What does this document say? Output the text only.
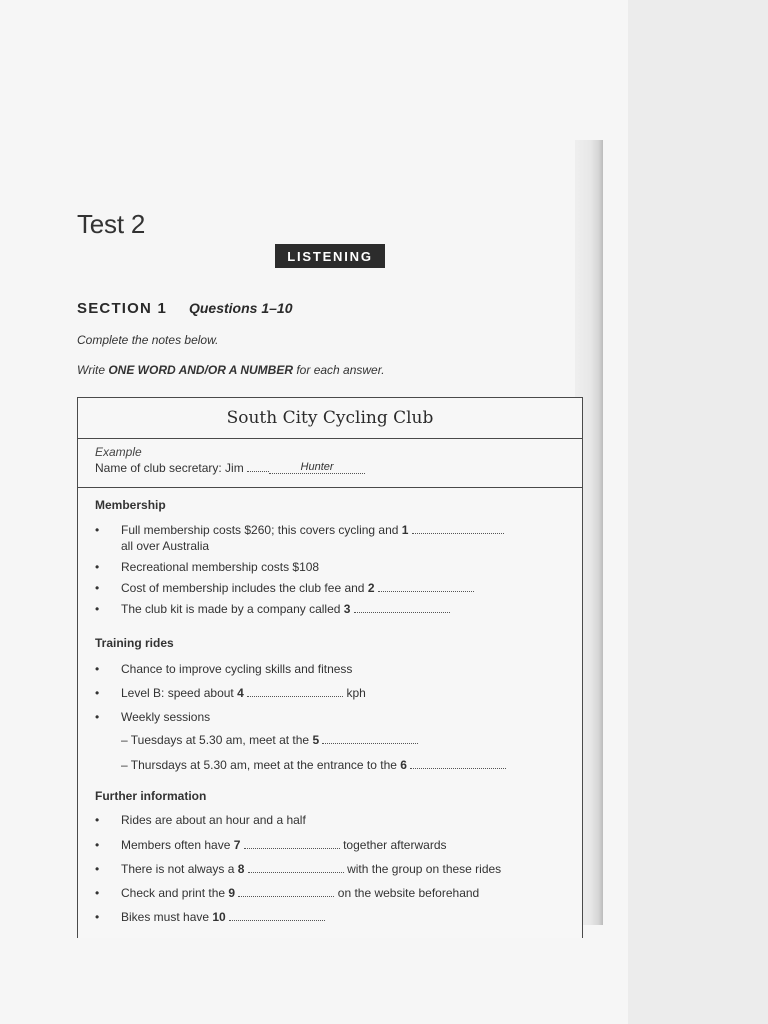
Test 2
LISTENING
SECTION 1 Questions 1–10
Complete the notes below.
Write ONE WORD AND/OR A NUMBER for each answer.
South City Cycling Club
Example
Name of club secretary: Jim	Hunter
Membership
•	Full membership costs $260; this covers cycling and 1
all over Australia
•	Recreational membership costs $108
•	Cost of membership includes the club fee and 2
•	The club kit is made by a company called 3
Training rides
•	Chance to improve cycling skills and fitness
•	Level B: speed about 4	kph
•	Weekly sessions
– Tuesdays at 5.30 am, meet at the 5
– Thursdays at 5.30 am, meet at the entrance to the 6
Further information
•	Rides are about an hour and a half
•	Members often have 7	together afterwards
•	There is not always a 8	with the group on these rides
•	Check and print the 9	on the website beforehand
•	Bikes must have 10
